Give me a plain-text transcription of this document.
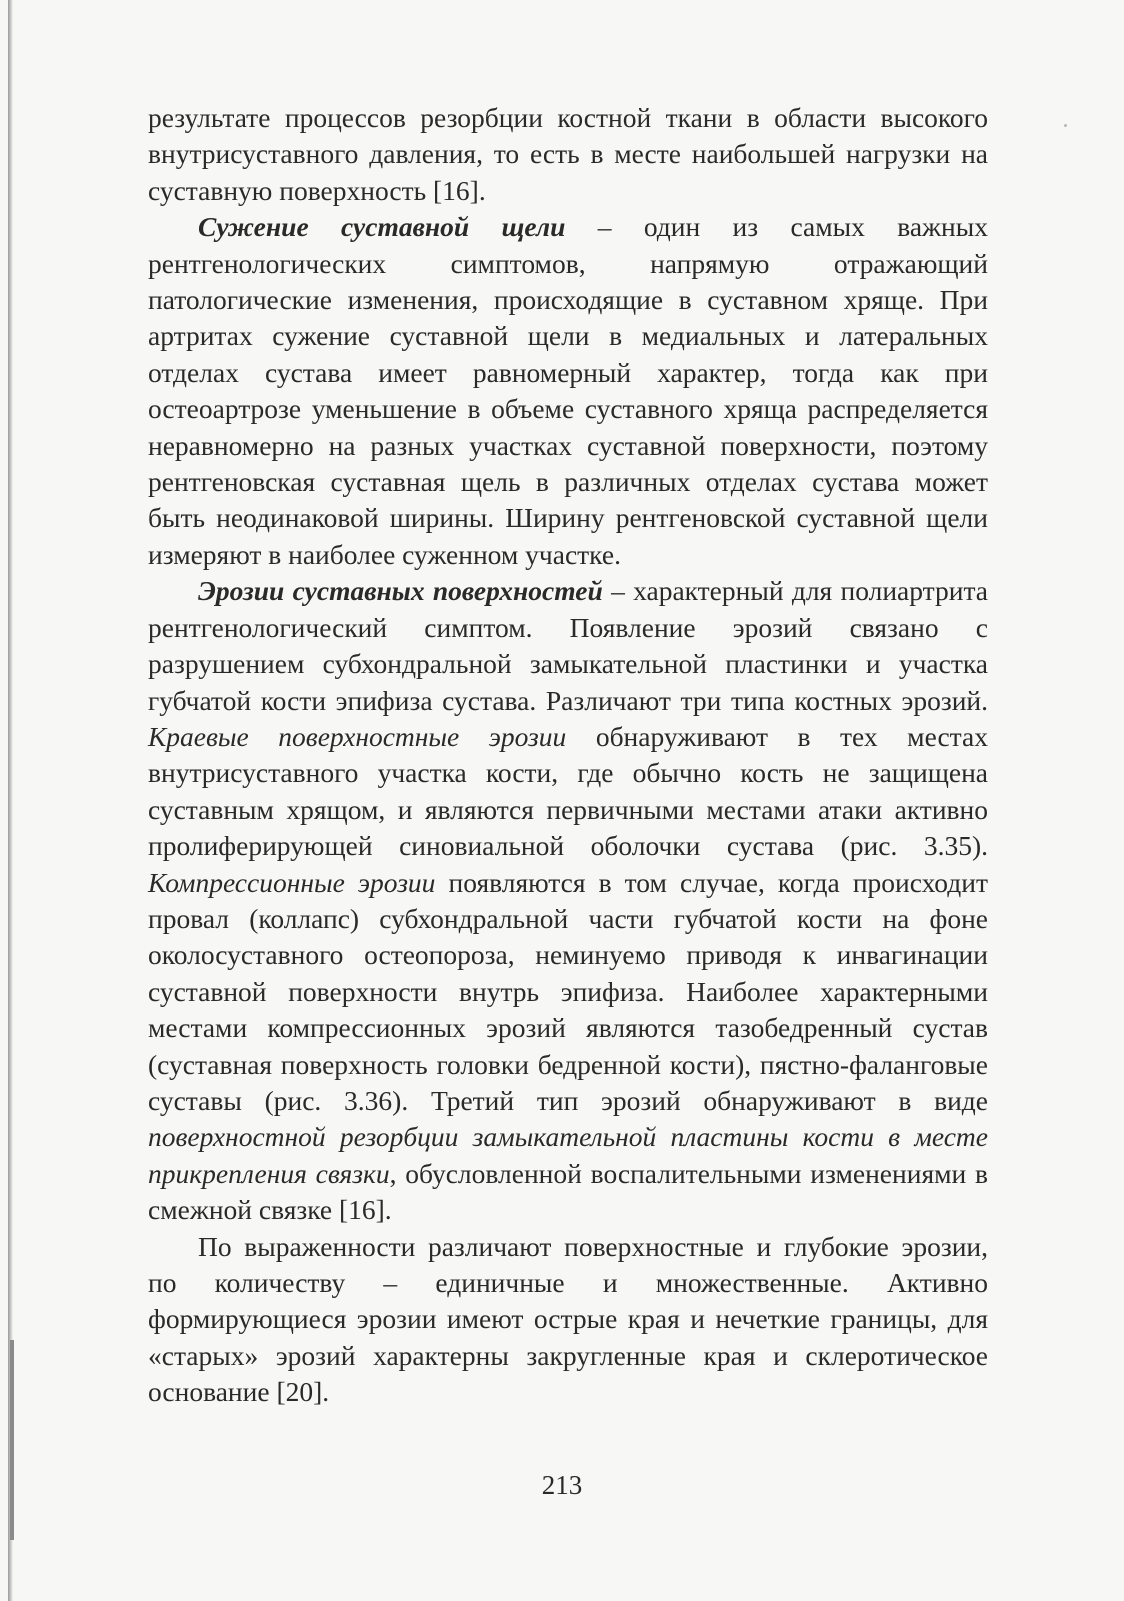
результате процессов резорбции костной ткани в области высокого внутрисуставного давления, то есть в месте наибольшей нагрузки на суставную поверхность [16].

Сужение суставной щели – один из самых важных рентгенологических симптомов, напрямую отражающий патологические изменения, происходящие в суставном хряще. При артритах сужение суставной щели в медиальных и латеральных отделах сустава имеет равномерный характер, тогда как при остеоартрозе уменьшение в объеме суставного хряща распределяется неравномерно на разных участках суставной поверхности, поэтому рентгеновская суставная щель в различных отделах сустава может быть неодинаковой ширины. Ширину рентгеновской суставной щели измеряют в наиболее суженном участке.

Эрозии суставных поверхностей – характерный для полиартрита рентгенологический симптом. Появление эрозий связано с разрушением субхондральной замыкательной пластинки и участка губчатой кости эпифиза сустава. Различают три типа костных эрозий. Краевые поверхностные эрозии обнаруживают в тех местах внутрисуставного участка кости, где обычно кость не защищена суставным хрящом, и являются первичными местами атаки активно пролиферирующей синовиальной оболочки сустава (рис. 3.35). Компрессионные эрозии появляются в том случае, когда происходит провал (коллапс) субхондральной части губчатой кости на фоне околосуставного остеопороза, неминуемо приводя к инвагинации суставной поверхности внутрь эпифиза. Наиболее характерными местами компрессионных эрозий являются тазобедренный сустав (суставная поверхность головки бедренной кости), пястно-фаланговые суставы (рис. 3.36). Третий тип эрозий обнаруживают в виде поверхностной резорбции замыкательной пластины кости в месте прикрепления связки, обусловленной воспалительными изменениями в смежной связке [16].

По выраженности различают поверхностные и глубокие эрозии, по количеству – единичные и множественные. Активно формирующиеся эрозии имеют острые края и нечеткие границы, для «старых» эрозий характерны закругленные края и склеротическое основание [20].

213
